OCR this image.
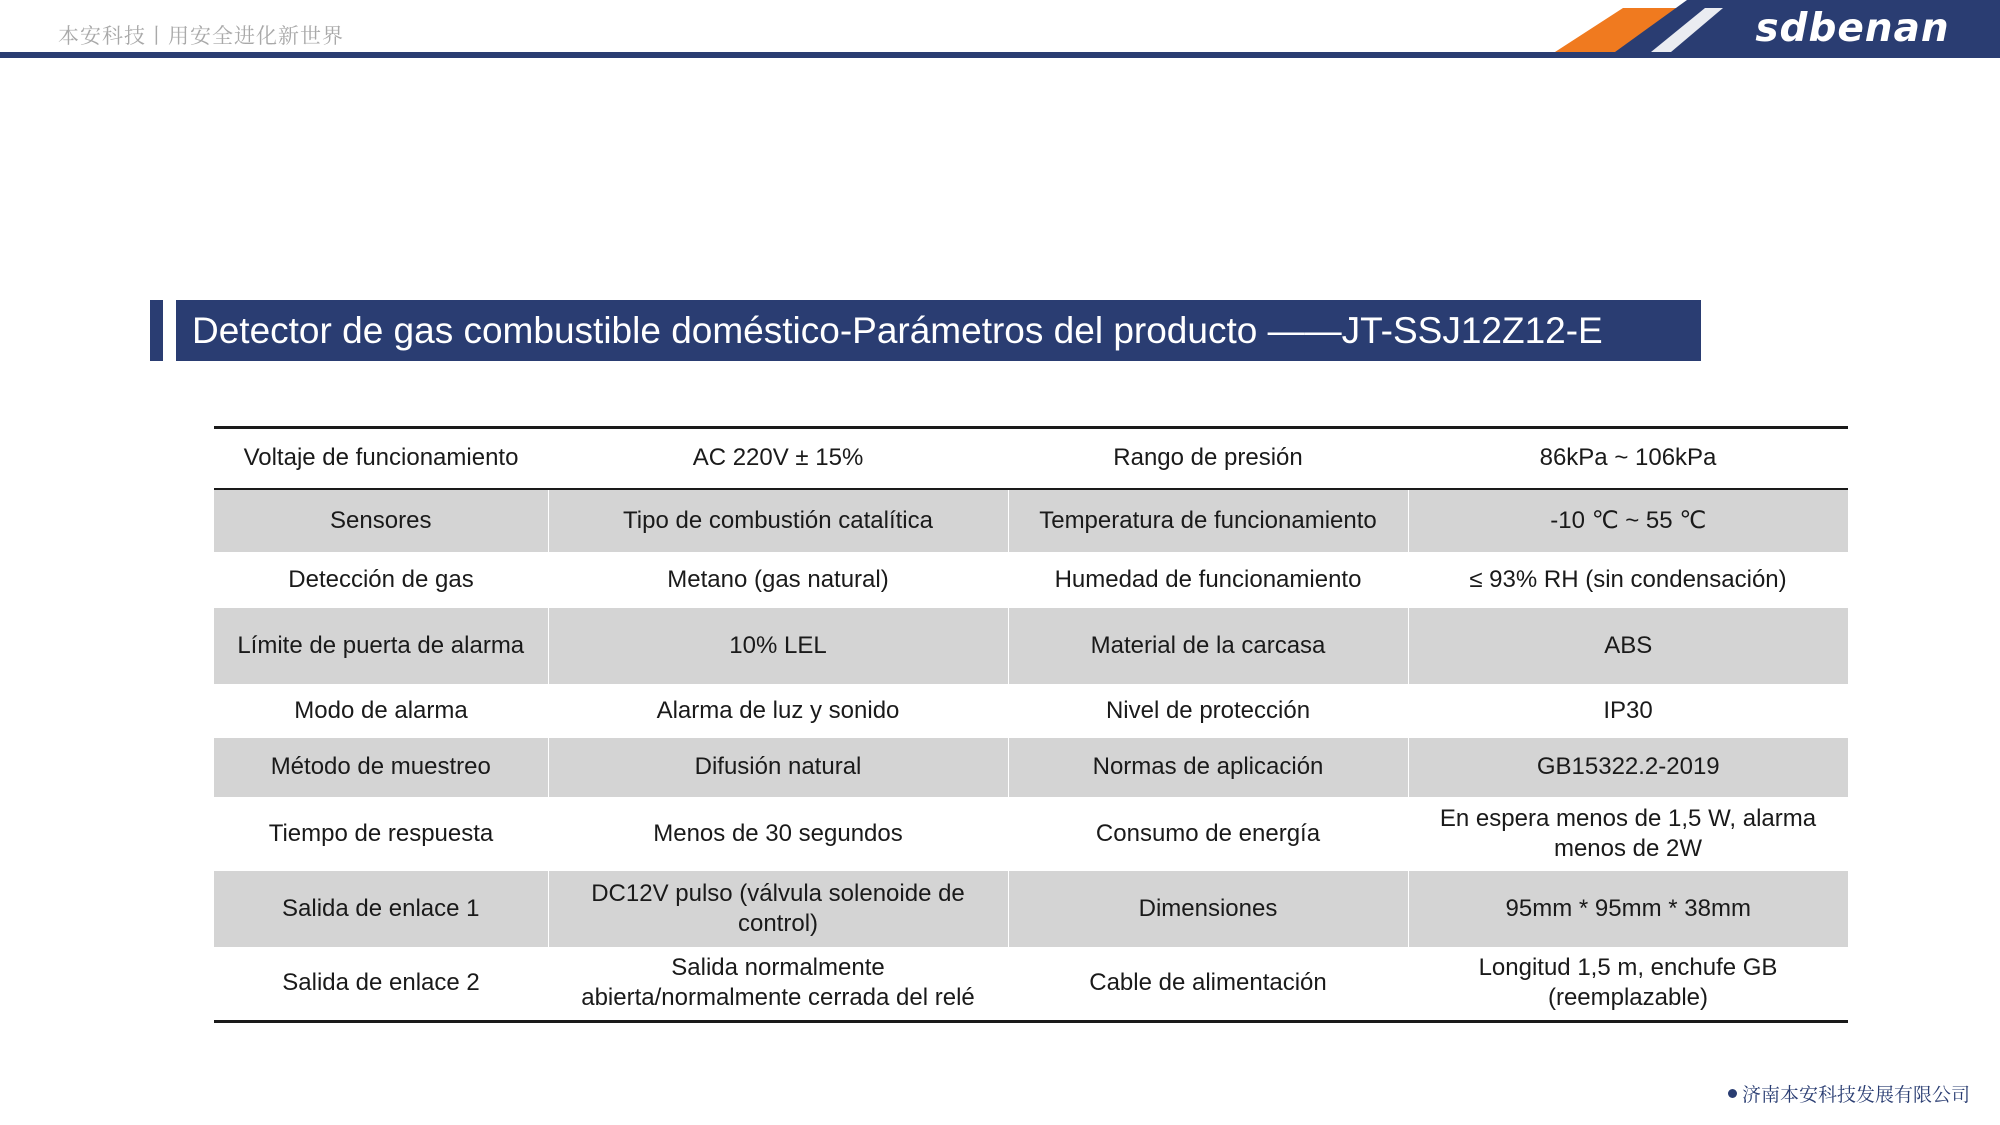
本安科技丨用安全进化新世界	sdbenan
Detector de gas combustible doméstico-Parámetros del producto ——JT-SSJ12Z12-E
Voltaje de funcionamiento	AC 220V ± 15%	Rango de presión	86kPa ~ 106kPa
Sensores	Tipo de combustión catalítica	Temperatura de funcionamiento	-10 ℃ ~ 55 ℃
Detección de gas	Metano (gas natural)	Humedad de funcionamiento	≤ 93% RH (sin condensación)
Límite de puerta de alarma	10% LEL	Material de la carcasa	ABS
Modo de alarma	Alarma de luz y sonido	Nivel de protección	IP30
Método de muestreo	Difusión natural	Normas de aplicación	GB15322.2-2019
Tiempo de respuesta	Menos de 30 segundos	Consumo de energía	En espera menos de 1,5 W, alarma menos de 2W
Salida de enlace 1	DC12V pulso (válvula solenoide de control)	Dimensiones	95mm * 95mm * 38mm
Salida de enlace 2	Salida normalmente abierta/normalmente cerrada del relé	Cable de alimentación	Longitud 1,5 m, enchufe GB (reemplazable)
济南本安科技发展有限公司
